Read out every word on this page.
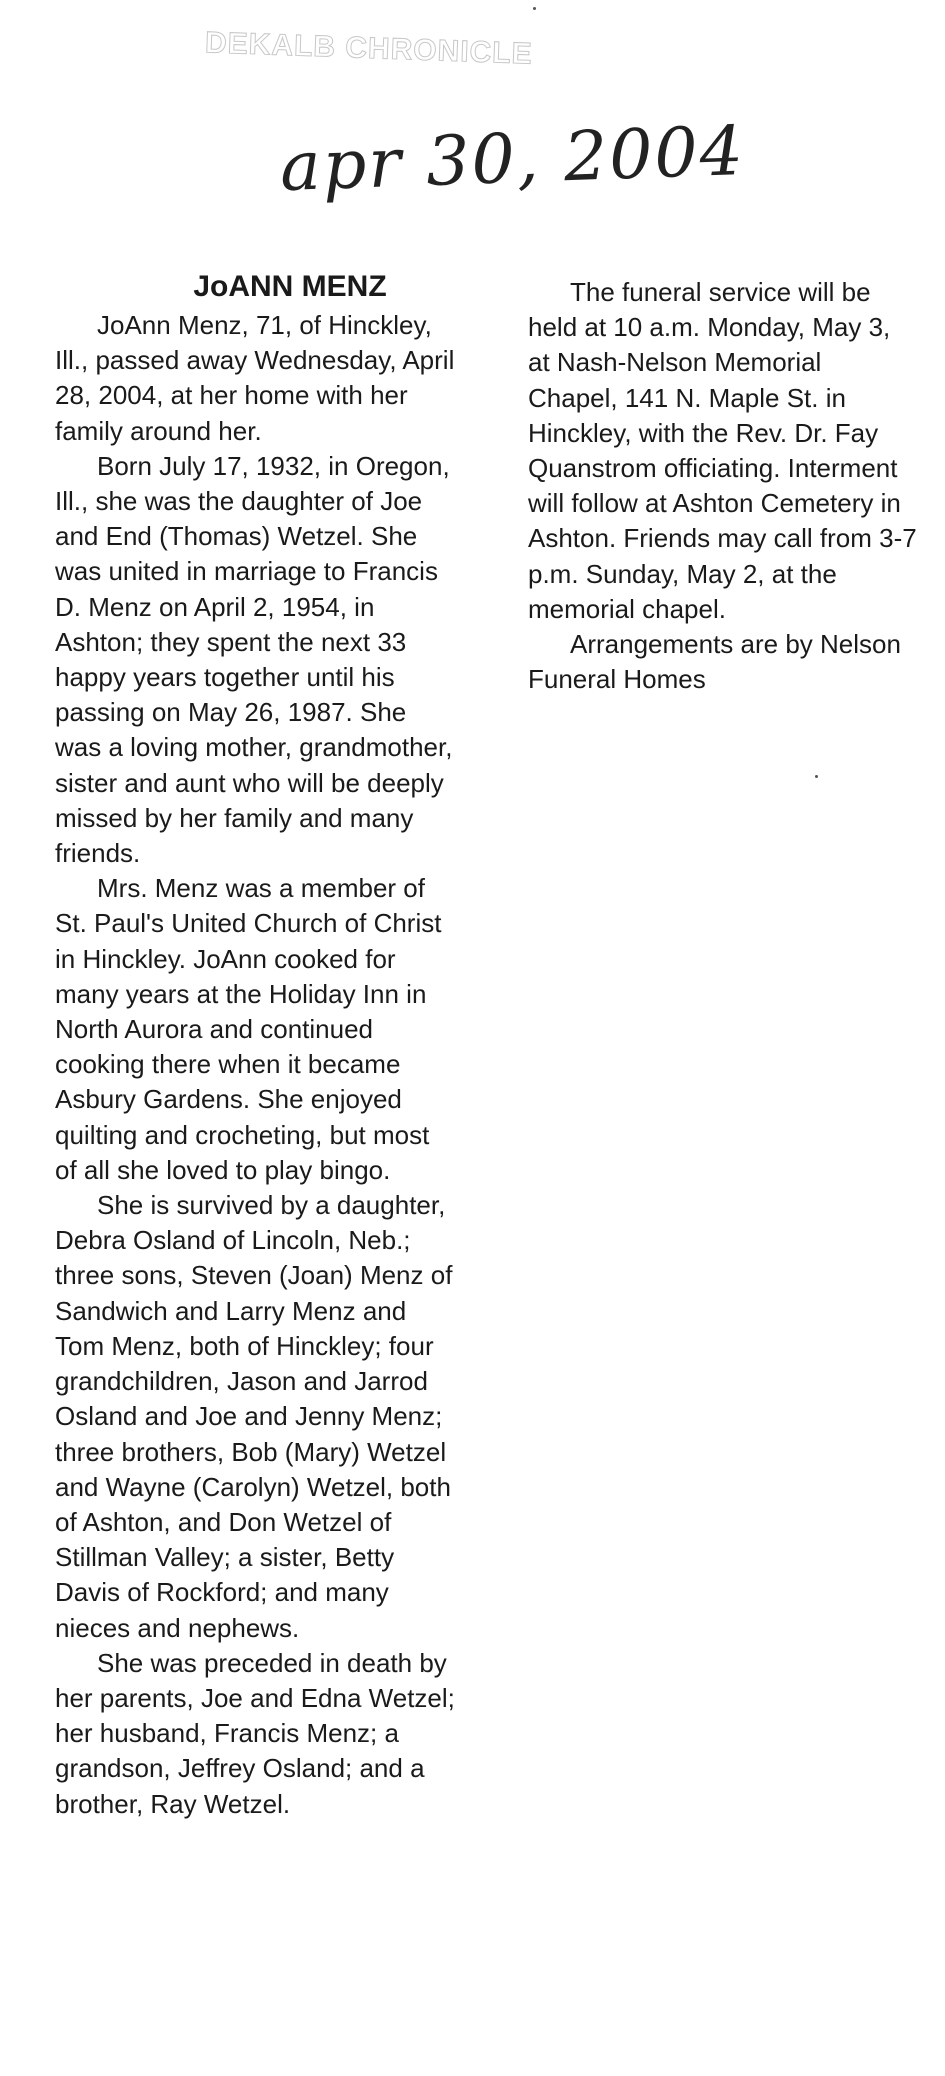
DEKALB CHRONICLE
apr 30, 2004
JoANN MENZ

JoAnn Menz, 71, of Hinckley, Ill., passed away Wednesday, April 28, 2004, at her home with her family around her.

Born July 17, 1932, in Oregon, Ill., she was the daughter of Joe and End (Thomas) Wetzel. She was united in marriage to Francis D. Menz on April 2, 1954, in Ashton; they spent the next 33 happy years together until his passing on May 26, 1987. She was a loving mother, grandmother, sister and aunt who will be deeply missed by her family and many friends.

Mrs. Menz was a member of St. Paul's United Church of Christ in Hinckley. JoAnn cooked for many years at the Holiday Inn in North Aurora and continued cooking there when it became Asbury Gardens. She enjoyed quilting and crocheting, but most of all she loved to play bingo.

She is survived by a daughter, Debra Osland of Lincoln, Neb.; three sons, Steven (Joan) Menz of Sandwich and Larry Menz and Tom Menz, both of Hinckley; four grandchildren, Jason and Jarrod Osland and Joe and Jenny Menz; three brothers, Bob (Mary) Wetzel and Wayne (Carolyn) Wetzel, both of Ashton, and Don Wetzel of Stillman Valley; a sister, Betty Davis of Rockford; and many nieces and nephews.

She was preceded in death by her parents, Joe and Edna Wetzel; her husband, Francis Menz; a grandson, Jeffrey Osland; and a brother, Ray Wetzel.

The funeral service will be held at 10 a.m. Monday, May 3, at Nash-Nelson Memorial Chapel, 141 N. Maple St. in Hinckley, with the Rev. Dr. Fay Quanstrom officiating. Interment will follow at Ashton Cemetery in Ashton. Friends may call from 3-7 p.m. Sunday, May 2, at the memorial chapel.

Arrangements are by Nelson Funeral Homes
